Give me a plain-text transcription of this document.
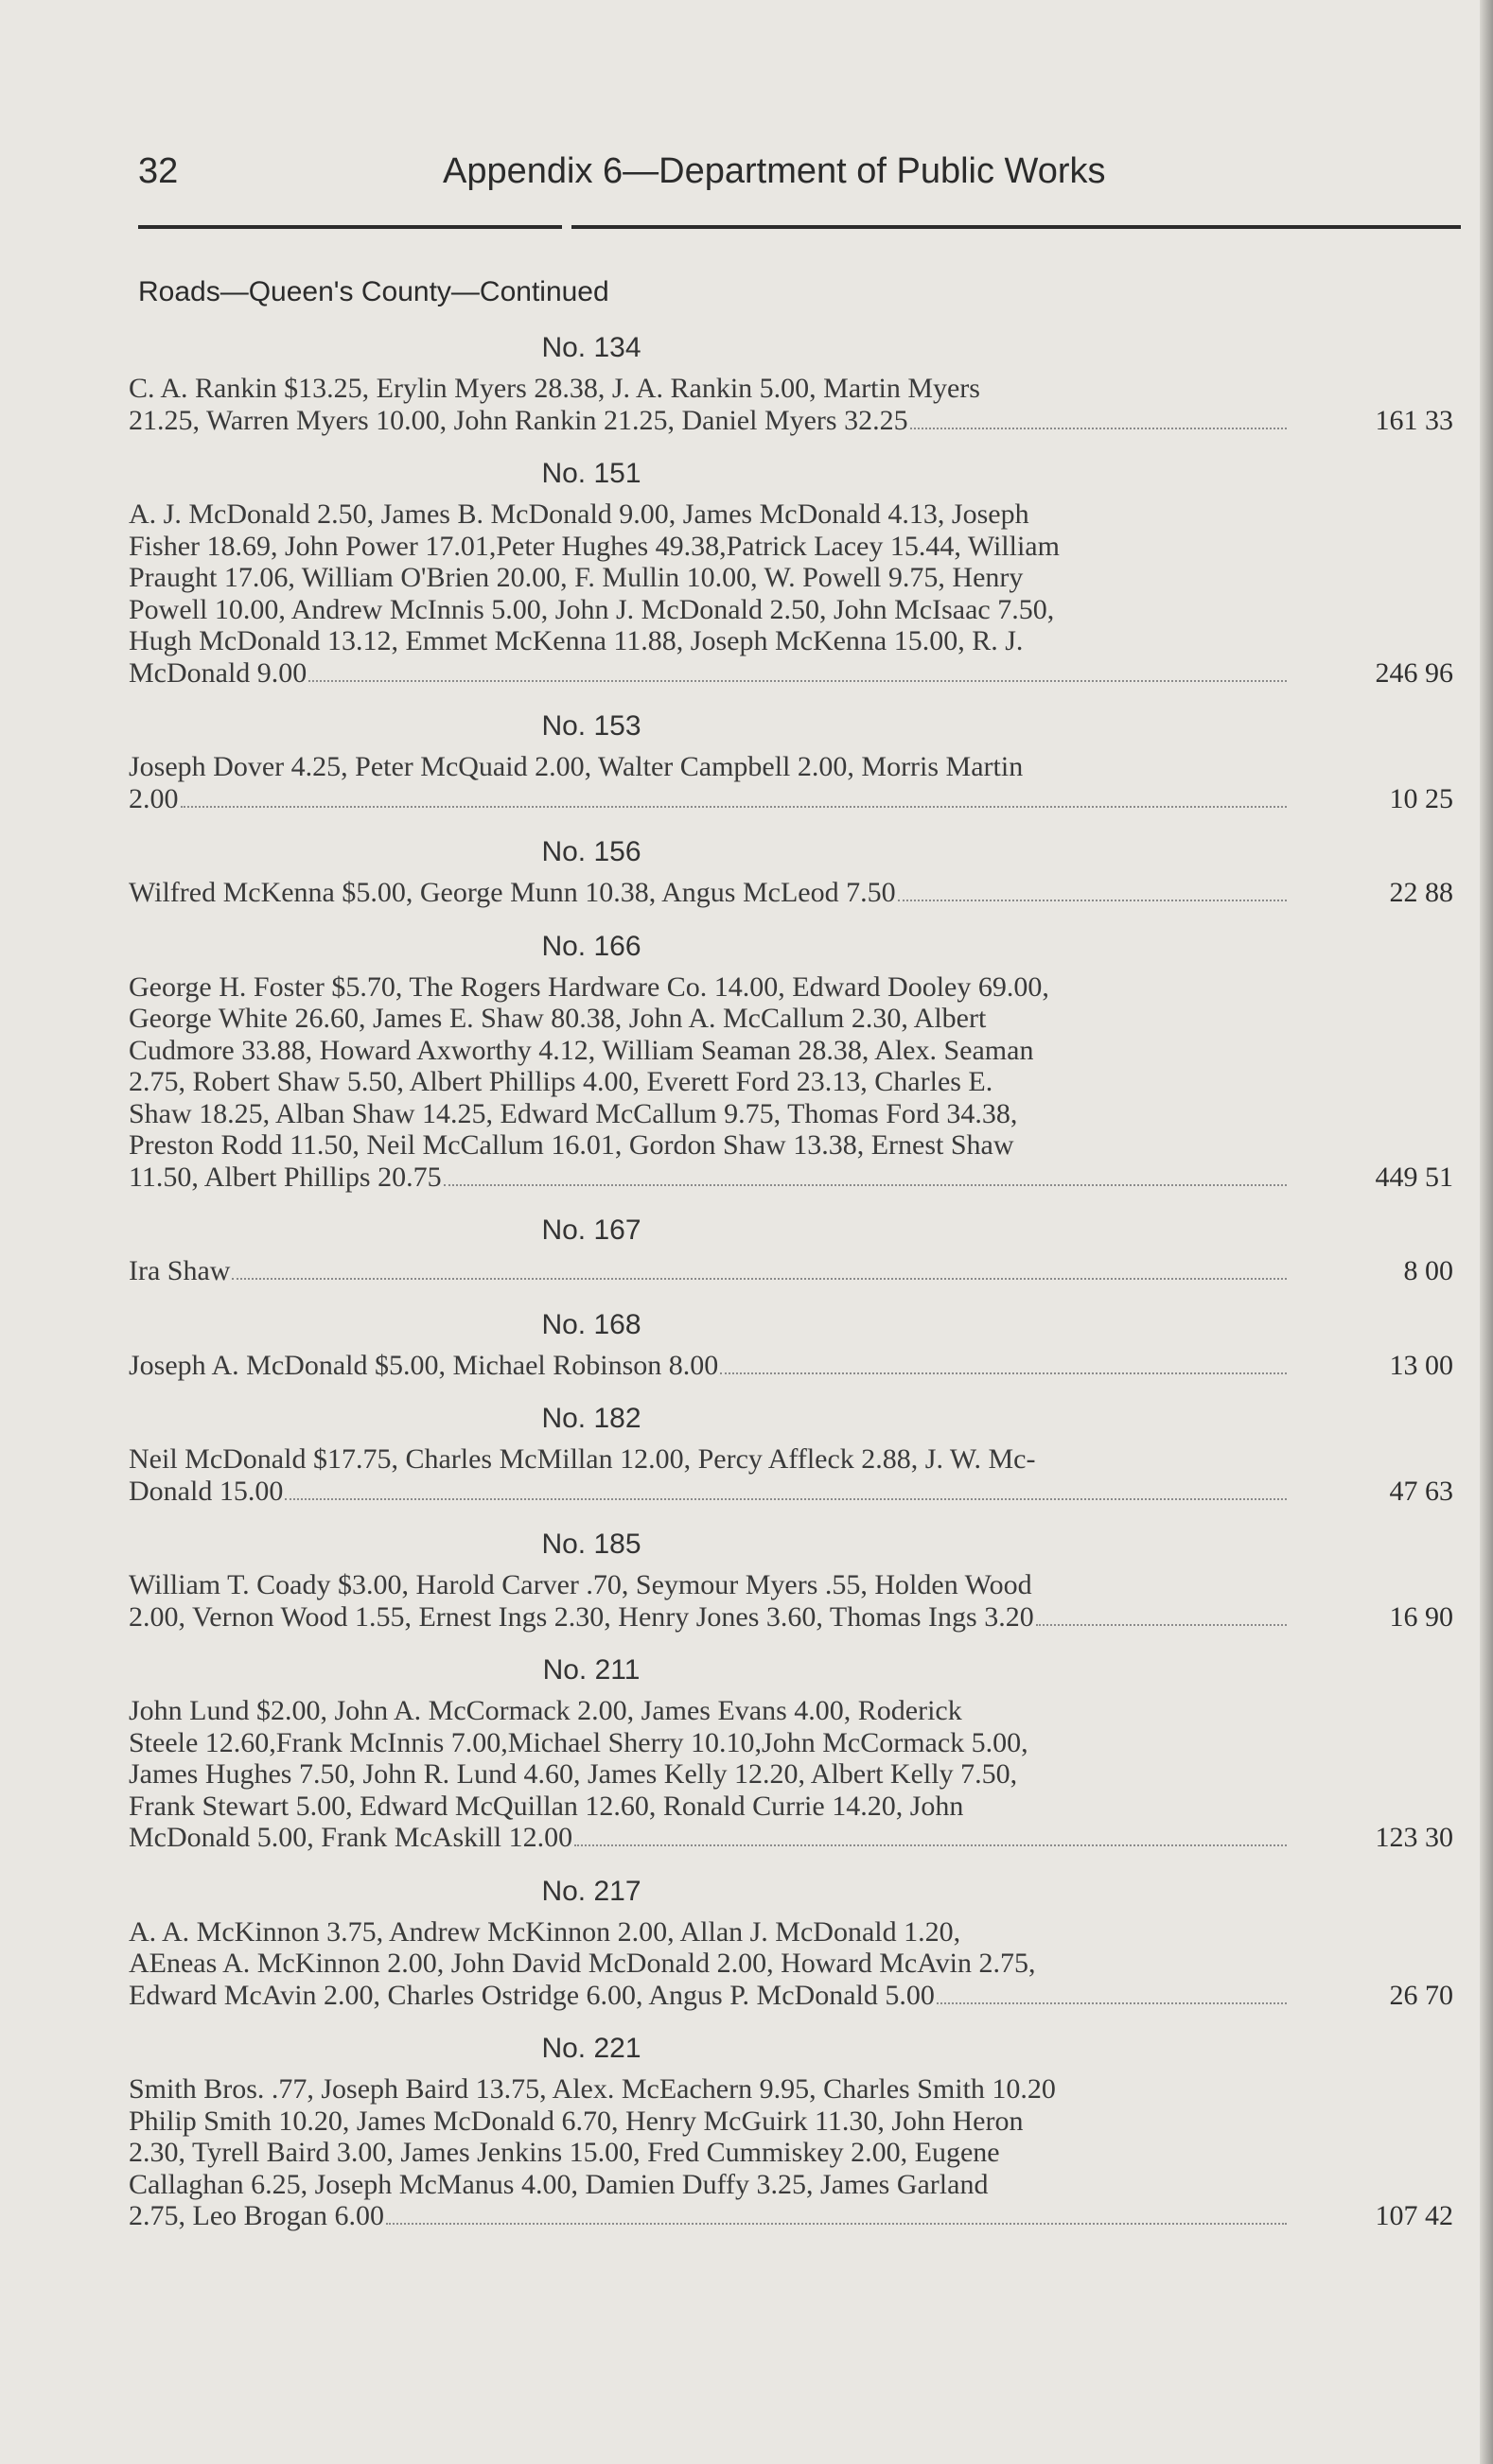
32	Appendix 6—Department of Public Works
Roads—Queen's County—Continued
No. 134
C. A. Rankin $13.25, Erylin Myers 28.38, J. A. Rankin 5.00, Martin Myers
21.25, Warren Myers 10.00, John Rankin 21.25, Daniel Myers 32.25	161 33
No. 151
A. J. McDonald 2.50, James B. McDonald 9.00, James McDonald 4.13, Joseph
Fisher 18.69, John Power 17.01,Peter Hughes 49.38,Patrick Lacey 15.44, William
Praught 17.06, William O'Brien 20.00, F. Mullin 10.00, W. Powell 9.75, Henry
Powell 10.00, Andrew McInnis 5.00, John J. McDonald 2.50, John McIsaac 7.50,
Hugh McDonald 13.12, Emmet McKenna 11.88, Joseph McKenna 15.00, R. J.
McDonald 9.00	246 96
No. 153
Joseph Dover 4.25, Peter McQuaid 2.00, Walter Campbell 2.00, Morris Martin
2.00	10 25
No. 156
Wilfred McKenna $5.00, George Munn 10.38, Angus McLeod 7.50	22 88
No. 166
George H. Foster $5.70, The Rogers Hardware Co. 14.00, Edward Dooley 69.00,
George White 26.60, James E. Shaw 80.38, John A. McCallum 2.30, Albert
Cudmore 33.88, Howard Axworthy 4.12, William Seaman 28.38, Alex. Seaman
2.75, Robert Shaw 5.50, Albert Phillips 4.00, Everett Ford 23.13, Charles E.
Shaw 18.25, Alban Shaw 14.25, Edward McCallum 9.75, Thomas Ford 34.38,
Preston Rodd 11.50, Neil McCallum 16.01, Gordon Shaw 13.38, Ernest Shaw
11.50, Albert Phillips 20.75	449 51
No. 167
Ira Shaw	8 00
No. 168
Joseph A. McDonald $5.00, Michael Robinson 8.00	13 00
No. 182
Neil McDonald $17.75, Charles McMillan 12.00, Percy Affleck 2.88, J. W. Mc-
Donald 15.00	47 63
No. 185
William T. Coady $3.00, Harold Carver .70, Seymour Myers .55, Holden Wood
2.00, Vernon Wood 1.55, Ernest Ings 2.30, Henry Jones 3.60, Thomas Ings 3.20	16 90
No. 211
John Lund $2.00, John A. McCormack 2.00, James Evans 4.00, Roderick
Steele 12.60,Frank McInnis 7.00,Michael Sherry 10.10,John McCormack 5.00,
James Hughes 7.50, John R. Lund 4.60, James Kelly 12.20, Albert Kelly 7.50,
Frank Stewart 5.00, Edward McQuillan 12.60, Ronald Currie 14.20, John
McDonald 5.00, Frank McAskill 12.00	123 30
No. 217
A. A. McKinnon 3.75, Andrew McKinnon 2.00, Allan J. McDonald 1.20,
AEneas A. McKinnon 2.00, John David McDonald 2.00, Howard McAvin 2.75,
Edward McAvin 2.00, Charles Ostridge 6.00, Angus P. McDonald 5.00	26 70
No. 221
Smith Bros. .77, Joseph Baird 13.75, Alex. McEachern 9.95, Charles Smith 10.20
Philip Smith 10.20, James McDonald 6.70, Henry McGuirk 11.30, John Heron
2.30, Tyrell Baird 3.00, James Jenkins 15.00, Fred Cummiskey 2.00, Eugene
Callaghan 6.25, Joseph McManus 4.00, Damien Duffy 3.25, James Garland
2.75, Leo Brogan 6.00	107 42
